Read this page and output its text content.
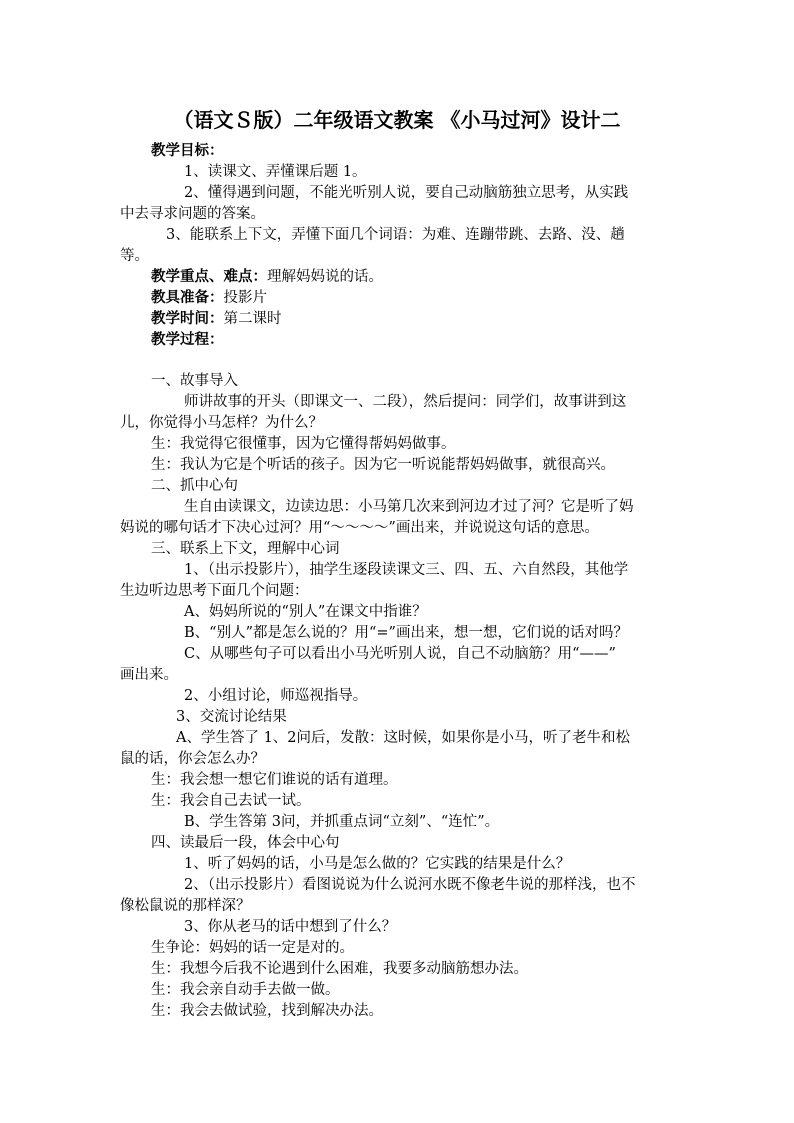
（语文Ｓ版）二年级语文教案 《小马过河》设计二
教学目标：
1、读课文、弄懂课后题 1。
2、懂得遇到问题，不能光听别人说，要自己动脑筋独立思考，从实践
中去寻求问题的答案。
3、能联系上下文，弄懂下面几个词语：为难、连蹦带跳、去路、没、趟
等。
教学重点、难点：理解妈妈说的话。
教具准备：投影片
教学时间：第二课时
教学过程：
一、故事导入
师讲故事的开头（即课文一、二段），然后提问：同学们，故事讲到这
儿，你觉得小马怎样？为什么？
生：我觉得它很懂事，因为它懂得帮妈妈做事。
生：我认为它是个听话的孩子。因为它一听说能帮妈妈做事，就很高兴。
二、抓中心句
生自由读课文，边读边思：小马第几次来到河边才过了河？它是听了妈
妈说的哪句话才下决心过河？用“～～～～”画出来，并说说这句话的意思。
三、联系上下文，理解中心词
1、（出示投影片），抽学生逐段读课文三、四、五、六自然段，其他学
生边听边思考下面几个问题：
A、妈妈所说的“别人”在课文中指谁？
B、“别人”都是怎么说的？用“=”画出来，想一想，它们说的话对吗？
C、从哪些句子可以看出小马光听别人说，自己不动脑筋？用“——”
画出来。
2、小组讨论，师巡视指导。
3、交流讨论结果
A、学生答了 1、2问后，发散：这时候，如果你是小马，听了老牛和松
鼠的话，你会怎么办？
生：我会想一想它们谁说的话有道理。
生：我会自己去试一试。
B、学生答第 3问，并抓重点词“立刻”、“连忙”。
四、读最后一段，体会中心句
1、听了妈妈的话，小马是怎么做的？它实践的结果是什么？
2、（出示投影片）看图说说为什么说河水既不像老牛说的那样浅，也不
像松鼠说的那样深？
3、你从老马的话中想到了什么？
生争论：妈妈的话一定是对的。
生：我想今后我不论遇到什么困难，我要多动脑筋想办法。
生：我会亲自动手去做一做。
生：我会去做试验，找到解决办法。
